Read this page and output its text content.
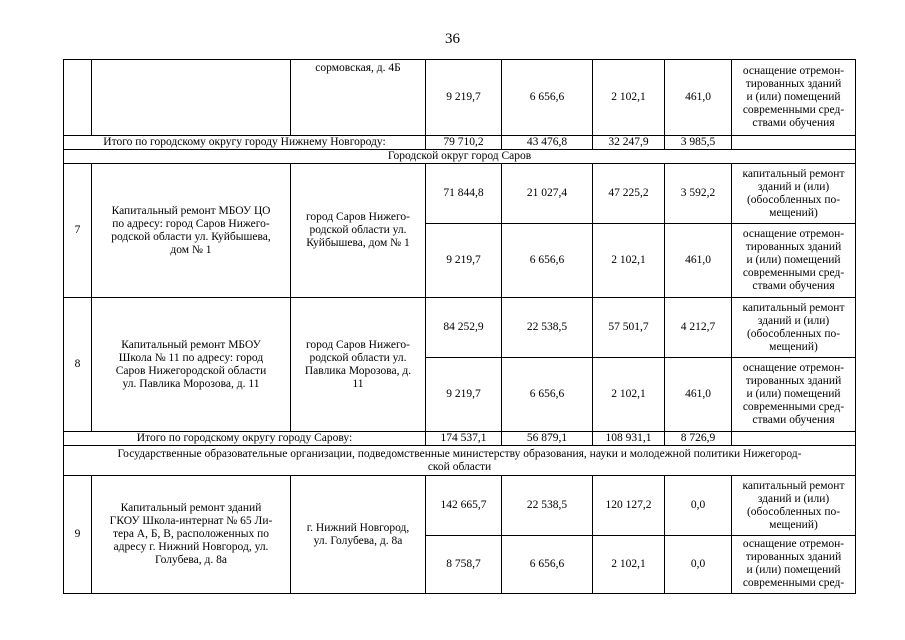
36
		сормовская, д. 4Б	9 219,7	6 656,6	2 102,1	461,0	оснащение отремон-
тированных зданий
и (или) помещений
современными сред-
ствами обучения
Итого по городскому округу городу Нижнему Новгороду:			79 710,2	43 476,8	32 247,9	3 985,5	
Городской округ город Саров							
7	Капитальный ремонт МБОУ ЦО
по адресу: город Саров Нижего-
родской области ул. Куйбышева,
дом № 1	город Саров Нижего-
родской области ул.
Куйбышева, дом № 1	71 844,8	21 027,4	47 225,2	3 592,2	капитальный ремонт
зданий и (или)
(обособленных по-
мещений)
			9 219,7	6 656,6	2 102,1	461,0	оснащение отремон-
тированных зданий
и (или) помещений
современными сред-
ствами обучения
8	Капитальный ремонт МБОУ
Школа № 11 по адресу: город
Саров Нижегородской области
ул. Павлика Морозова, д. 11	город Саров Нижего-
родской области ул.
Павлика Морозова, д.
11	84 252,9	22 538,5	57 501,7	4 212,7	капитальный ремонт
зданий и (или)
(обособленных по-
мещений)
			9 219,7	6 656,6	2 102,1	461,0	оснащение отремон-
тированных зданий
и (или) помещений
современными сред-
ствами обучения
Итого по городскому округу городу Сарову:			174 537,1	56 879,1	108 931,1	8 726,9	
Государственные образовательные организации, подведомственные министерству образования, науки и молодежной политики Нижегород-
ской области							
9	Капитальный ремонт зданий
ГКОУ Школа-интернат № 65 Ли-
тера А, Б, В, расположенных по
адресу г. Нижний Новгород, ул.
Голубева, д. 8а	г. Нижний Новгород,
ул. Голубева, д. 8а	142 665,7	22 538,5	120 127,2	0,0	капитальный ремонт
зданий и (или)
(обособленных по-
мещений)
			8 758,7	6 656,6	2 102,1	0,0	оснащение отремон-
тированных зданий
и (или) помещений
современными сред-
